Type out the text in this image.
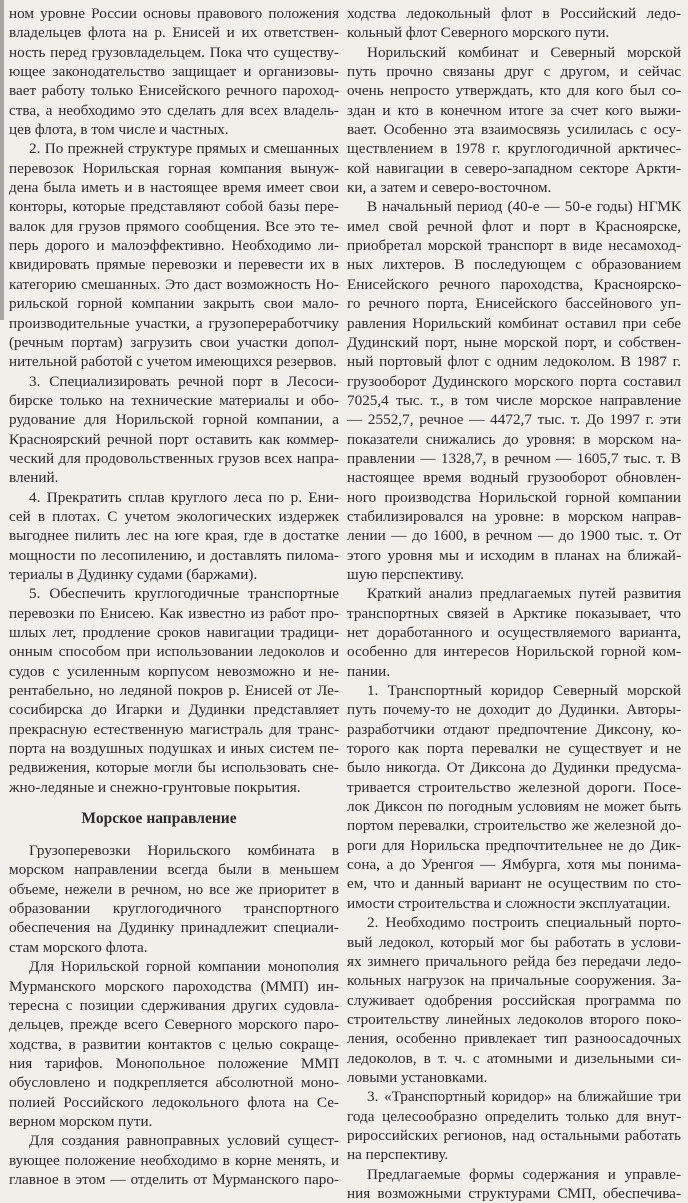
ном уровне России основы правового положения
владельцев флота на р. Енисей и их ответствен-
ность перед грузовладельцем. Пока что существу-
ющее законодательство защищает и организовы-
вает работу только Енисейского речного пароход-
ства, а необходимо это сделать для всех владель-
цев флота, в том числе и частных.
2. По прежней структуре прямых и смешанных
перевозок Норильская горная компания вынуж-
дена была иметь и в настоящее время имеет свои
конторы, которые представляют собой базы пере-
валок для грузов прямого сообщения. Все это те-
перь дорого и малоэффективно. Необходимо ли-
квидировать прямые перевозки и перевести их в
категорию смешанных. Это даст возможность Но-
рильской горной компании закрыть свои мало-
производительные участки, а грузопереработчику
(речным портам) загрузить свои участки допол-
нительной работой с учетом имеющихся резервов.
3. Специализировать речной порт в Лесоси-
бирске только на технические материалы и обо-
рудование для Норильской горной компании, а
Красноярский речной порт оставить как коммер-
ческий для продовольственных грузов всех напра-
влений.
4. Прекратить сплав круглого леса по р. Ени-
сей в плотах. С учетом экологических издержек
выгоднее пилить лес на юге края, где в достатке
мощности по лесопилению, и доставлять пилома-
териалы в Дудинку судами (баржами).
5. Обеспечить круглогодичные транспортные
перевозки по Енисею. Как известно из работ про-
шлых лет, продление сроков навигации традици-
онным способом при использовании ледоколов и
судов с усиленным корпусом невозможно и не-
рентабельно, но ледяной покров р. Енисей от Ле-
сосибирска до Игарки и Дудинки представляет
прекрасную естественную магистраль для транс-
порта на воздушных подушках и иных систем пе-
редвижения, которые могли бы использовать сне-
жно-ледяные и снежно-грунтовые покрытия.
Морское направление
Грузоперевозки Норильского комбината в
морском направлении всегда были в меньшем
объеме, нежели в речном, но все же приоритет в
образовании круглогодичного транспортного
обеспечения на Дудинку принадлежит специали-
стам морского флота.
Для Норильской горной компании монополия
Мурманского морского пароходства (ММП) ин-
тересна с позиции сдерживания других судовла-
дельцев, прежде всего Северного морского паро-
ходства, в развитии контактов с целью сокраще-
ния тарифов. Монопольное положение ММП
обусловлено и подкрепляется абсолютной моно-
полией Российского ледокольного флота на Се-
верном морском пути.
Для создания равноправных условий сущест-
вующее положение необходимо в корне менять, и
главное в этом — отделить от Мурманского паро-
ходства ледокольный флот в Российский ледо-
кольный флот Северного морского пути.
Норильский комбинат и Северный морской
путь прочно связаны друг с другом, и сейчас
очень непросто утверждать, кто для кого был со-
здан и кто в конечном итоге за счет кого выжи-
вает. Особенно эта взаимосвязь усилилась с осу-
ществлением в 1978 г. круглогодичной арктичес-
кой навигации в северо-западном секторе Аркти-
ки, а затем и северо-восточном.
В начальный период (40-е — 50-е годы) НГМК
имел свой речной флот и порт в Красноярске,
приобретал морской транспорт в виде несамоход-
ных лихтеров. В последующем с образованием
Енисейского речного пароходства, Красноярско-
го речного порта, Енисейского бассейнового уп-
равления Норильский комбинат оставил при себе
Дудинский порт, ныне морской порт, и собствен-
ный портовый флот с одним ледоколом. В 1987 г.
грузооборот Дудинского морского порта составил
7025,4 тыс. т., в том числе морское направление
— 2552,7, речное — 4472,7 тыс. т. До 1997 г. эти
показатели снижались до уровня: в морском на-
правлении — 1328,7, в речном — 1605,7 тыс. т. В
настоящее время водный грузооборот обновлен-
ного производства Норильской горной компании
стабилизировался на уровне: в морском направ-
лении — до 1600, в речном — до 1900 тыс. т. От
этого уровня мы и исходим в планах на ближай-
шую перспективу.
Краткий анализ предлагаемых путей развития
транспортных связей в Арктике показывает, что
нет доработанного и осуществляемого варианта,
особенно для интересов Норильской горной ком-
пании.
1. Транспортный коридор Северный морской
путь почему-то не доходит до Дудинки. Авторы-
разработчики отдают предпочтение Диксону, ко-
торого как порта перевалки не существует и не
было никогда. От Диксона до Дудинки предусма-
тривается строительство железной дороги. Посе-
лок Диксон по погодным условиям не может быть
портом перевалки, строительство же железной до-
роги для Норильска предпочтительнее не до Дик-
сона, а до Уренгоя — Ямбурга, хотя мы понима-
ем, что и данный вариант не осуществим по сто-
имости строительства и сложности эксплуатации.
2. Необходимо построить специальный порто-
вый ледокол, который мог бы работать в услови-
ях зимнего причального рейда без передачи ледо-
кольных нагрузок на причальные сооружения. За-
служивает одобрения российская программа по
строительству линейных ледоколов второго поко-
ления, особенно привлекает тип разноосадочных
ледоколов, в т. ч. с атомными и дизельными си-
ловыми установками.
3. «Транспортный коридор» на ближайшие три
года целесообразно определить только для внут-
рироссийских регионов, над остальными работать
на перспективу.
Предлагаемые формы содержания и управле-
ния возможными структурами СМП, обеспечива-
